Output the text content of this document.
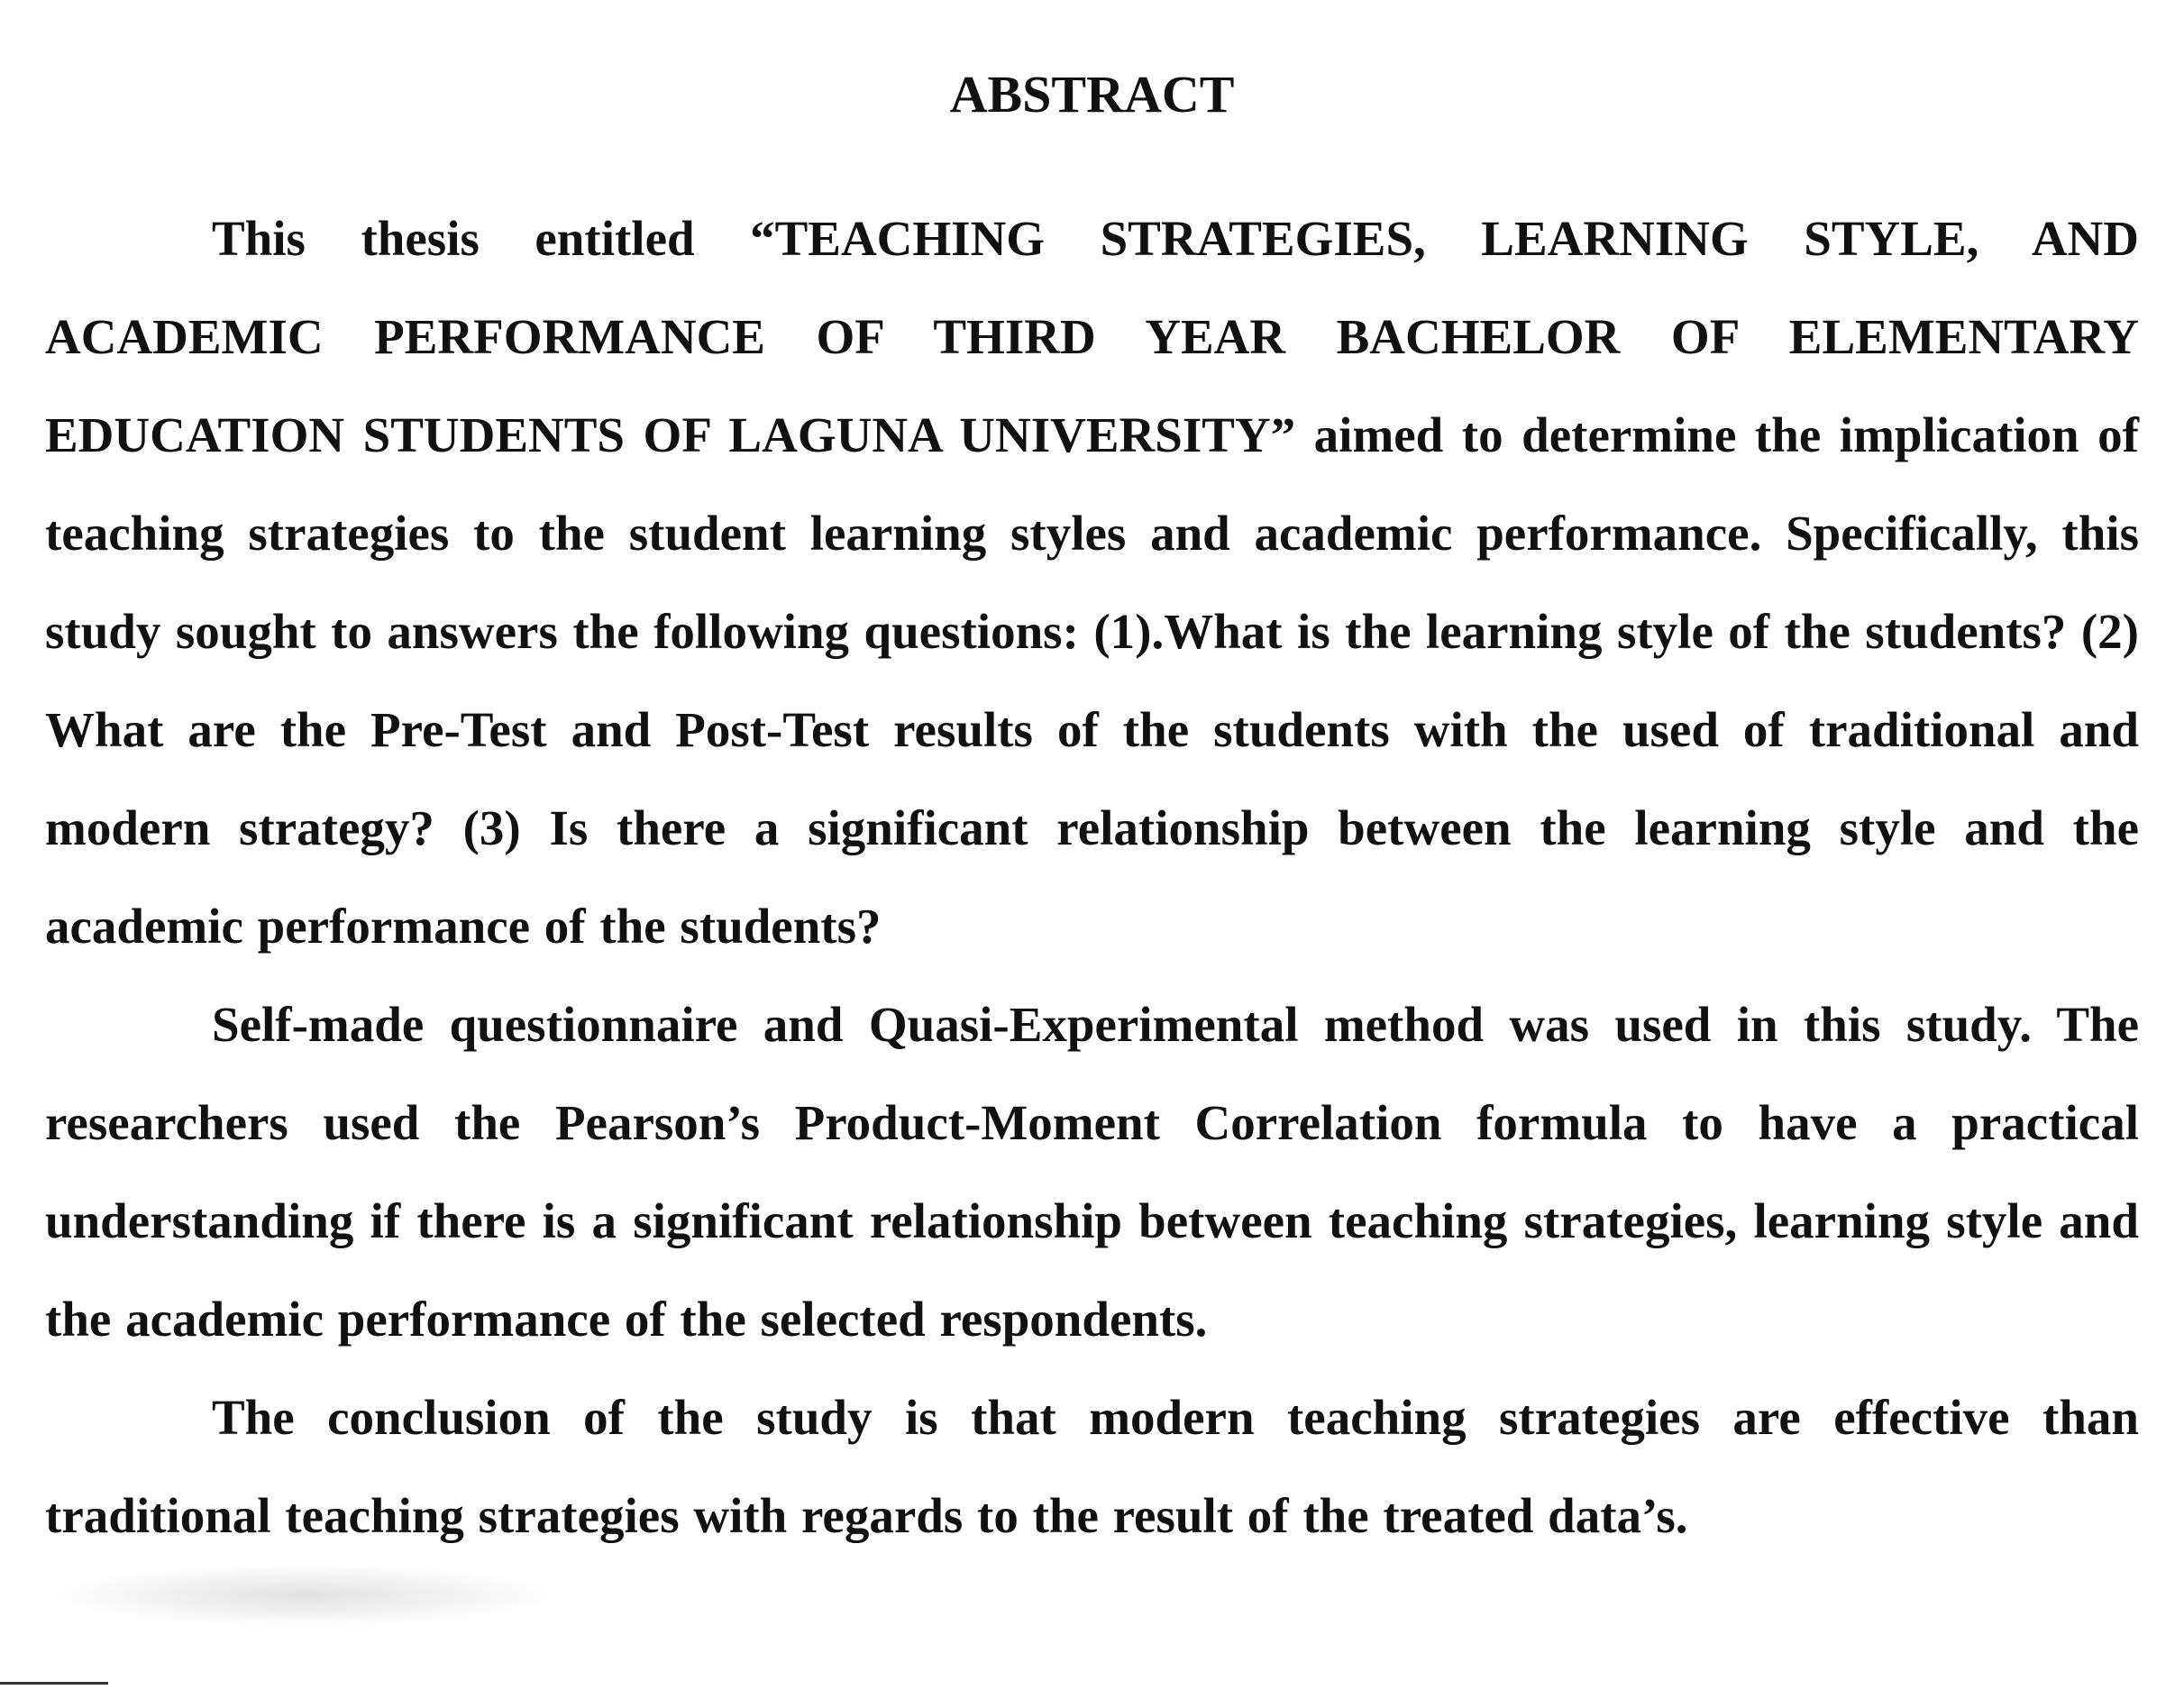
ABSTRACT

This thesis entitled “TEACHING STRATEGIES, LEARNING STYLE, AND ACADEMIC PERFORMANCE OF THIRD YEAR BACHELOR OF ELEMENTARY EDUCATION STUDENTS OF LAGUNA UNIVERSITY” aimed to determine the implication of teaching strategies to the student learning styles and academic performance. Specifically, this study sought to answers the following questions: (1).What is the learning style of the students? (2) What are the Pre-Test and Post-Test results of the students with the used of traditional and modern strategy? (3) Is there a significant relationship between the learning style and the academic performance of the students?

Self-made questionnaire and Quasi-Experimental method was used in this study. The researchers used the Pearson’s Product-Moment Correlation formula to have a practical understanding if there is a significant relationship between teaching strategies, learning style and the academic performance of the selected respondents.

The conclusion of the study is that modern teaching strategies are effective than traditional teaching strategies with regards to the result of the treated data’s.
